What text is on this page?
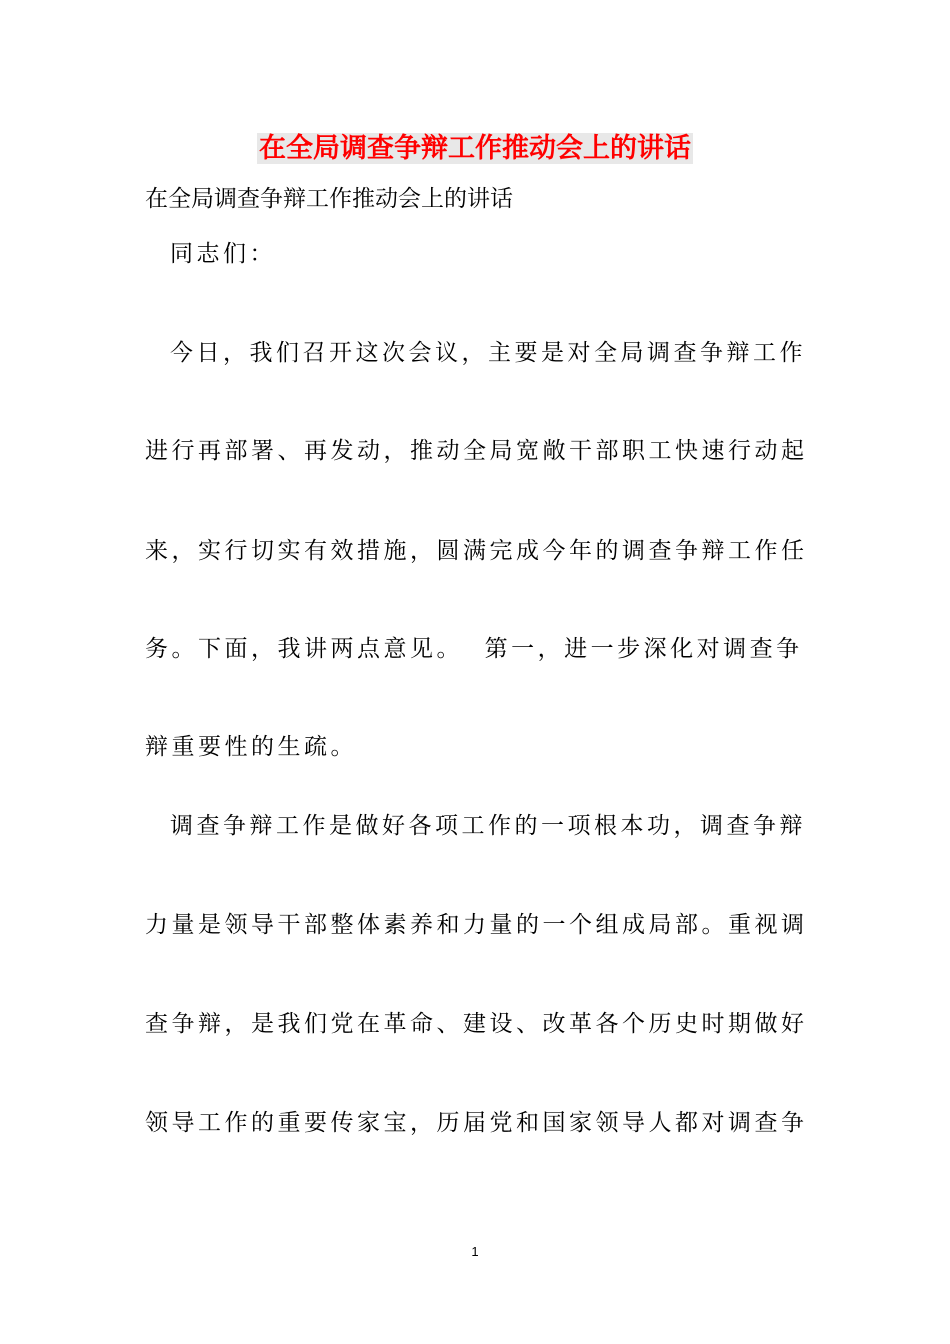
在全局调查争辩工作推动会上的讲话
在全局调查争辩工作推动会上的讲话
同志们：
今日，我们召开这次会议，主要是对全局调查争辩工作
进行再部署、再发动，推动全局宽敞干部职工快速行动起
来，实行切实有效措施，圆满完成今年的调查争辩工作任
务。下面，我讲两点意见。  第一，进一步深化对调查争
辩重要性的生疏。
调查争辩工作是做好各项工作的一项根本功，调查争辩
力量是领导干部整体素养和力量的一个组成局部。重视调
查争辩，是我们党在革命、建设、改革各个历史时期做好
领导工作的重要传家宝，历届党和国家领导人都对调查争
1
